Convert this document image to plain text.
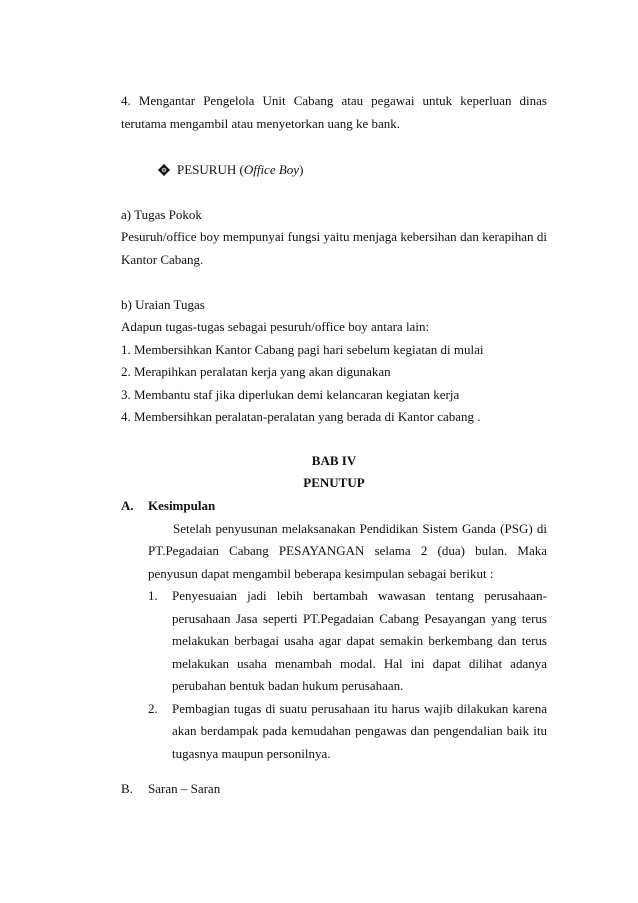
4. Mengantar Pengelola Unit Cabang atau pegawai untuk keperluan dinas
terutama mengambil atau menyetorkan uang ke bank.
PESURUH (Office Boy)
a) Tugas Pokok
Pesuruh/office boy mempunyai fungsi yaitu menjaga kebersihan dan kerapihan di
Kantor Cabang.
b) Uraian Tugas
Adapun tugas-tugas sebagai pesuruh/office boy antara lain:
1. Membersihkan Kantor Cabang pagi hari sebelum kegiatan di mulai
2. Merapihkan peralatan kerja yang akan digunakan
3. Membantu staf jika diperlukan demi kelancaran kegiatan kerja
4. Membersihkan peralatan-peralatan yang berada di Kantor cabang .
BAB IV
PENUTUP
A. Kesimpulan
Setelah penyusunan melaksanakan Pendidikan Sistem Ganda (PSG) di
PT.Pegadaian Cabang PESAYANGAN selama 2 (dua) bulan. Maka
penyusun dapat mengambil beberapa kesimpulan sebagai berikut :
1. Penyesuaian jadi lebih bertambah wawasan tentang perusahaan-
perusahaan Jasa seperti PT.Pegadaian Cabang Pesayangan yang terus
melakukan berbagai usaha agar dapat semakin berkembang dan terus
melakukan usaha menambah modal. Hal ini dapat dilihat adanya
perubahan bentuk badan hukum perusahaan.
2. Pembagian tugas di suatu perusahaan itu harus wajib dilakukan karena
akan berdampak pada kemudahan pengawas dan pengendalian baik itu
tugasnya maupun personilnya.
B. Saran – Saran
